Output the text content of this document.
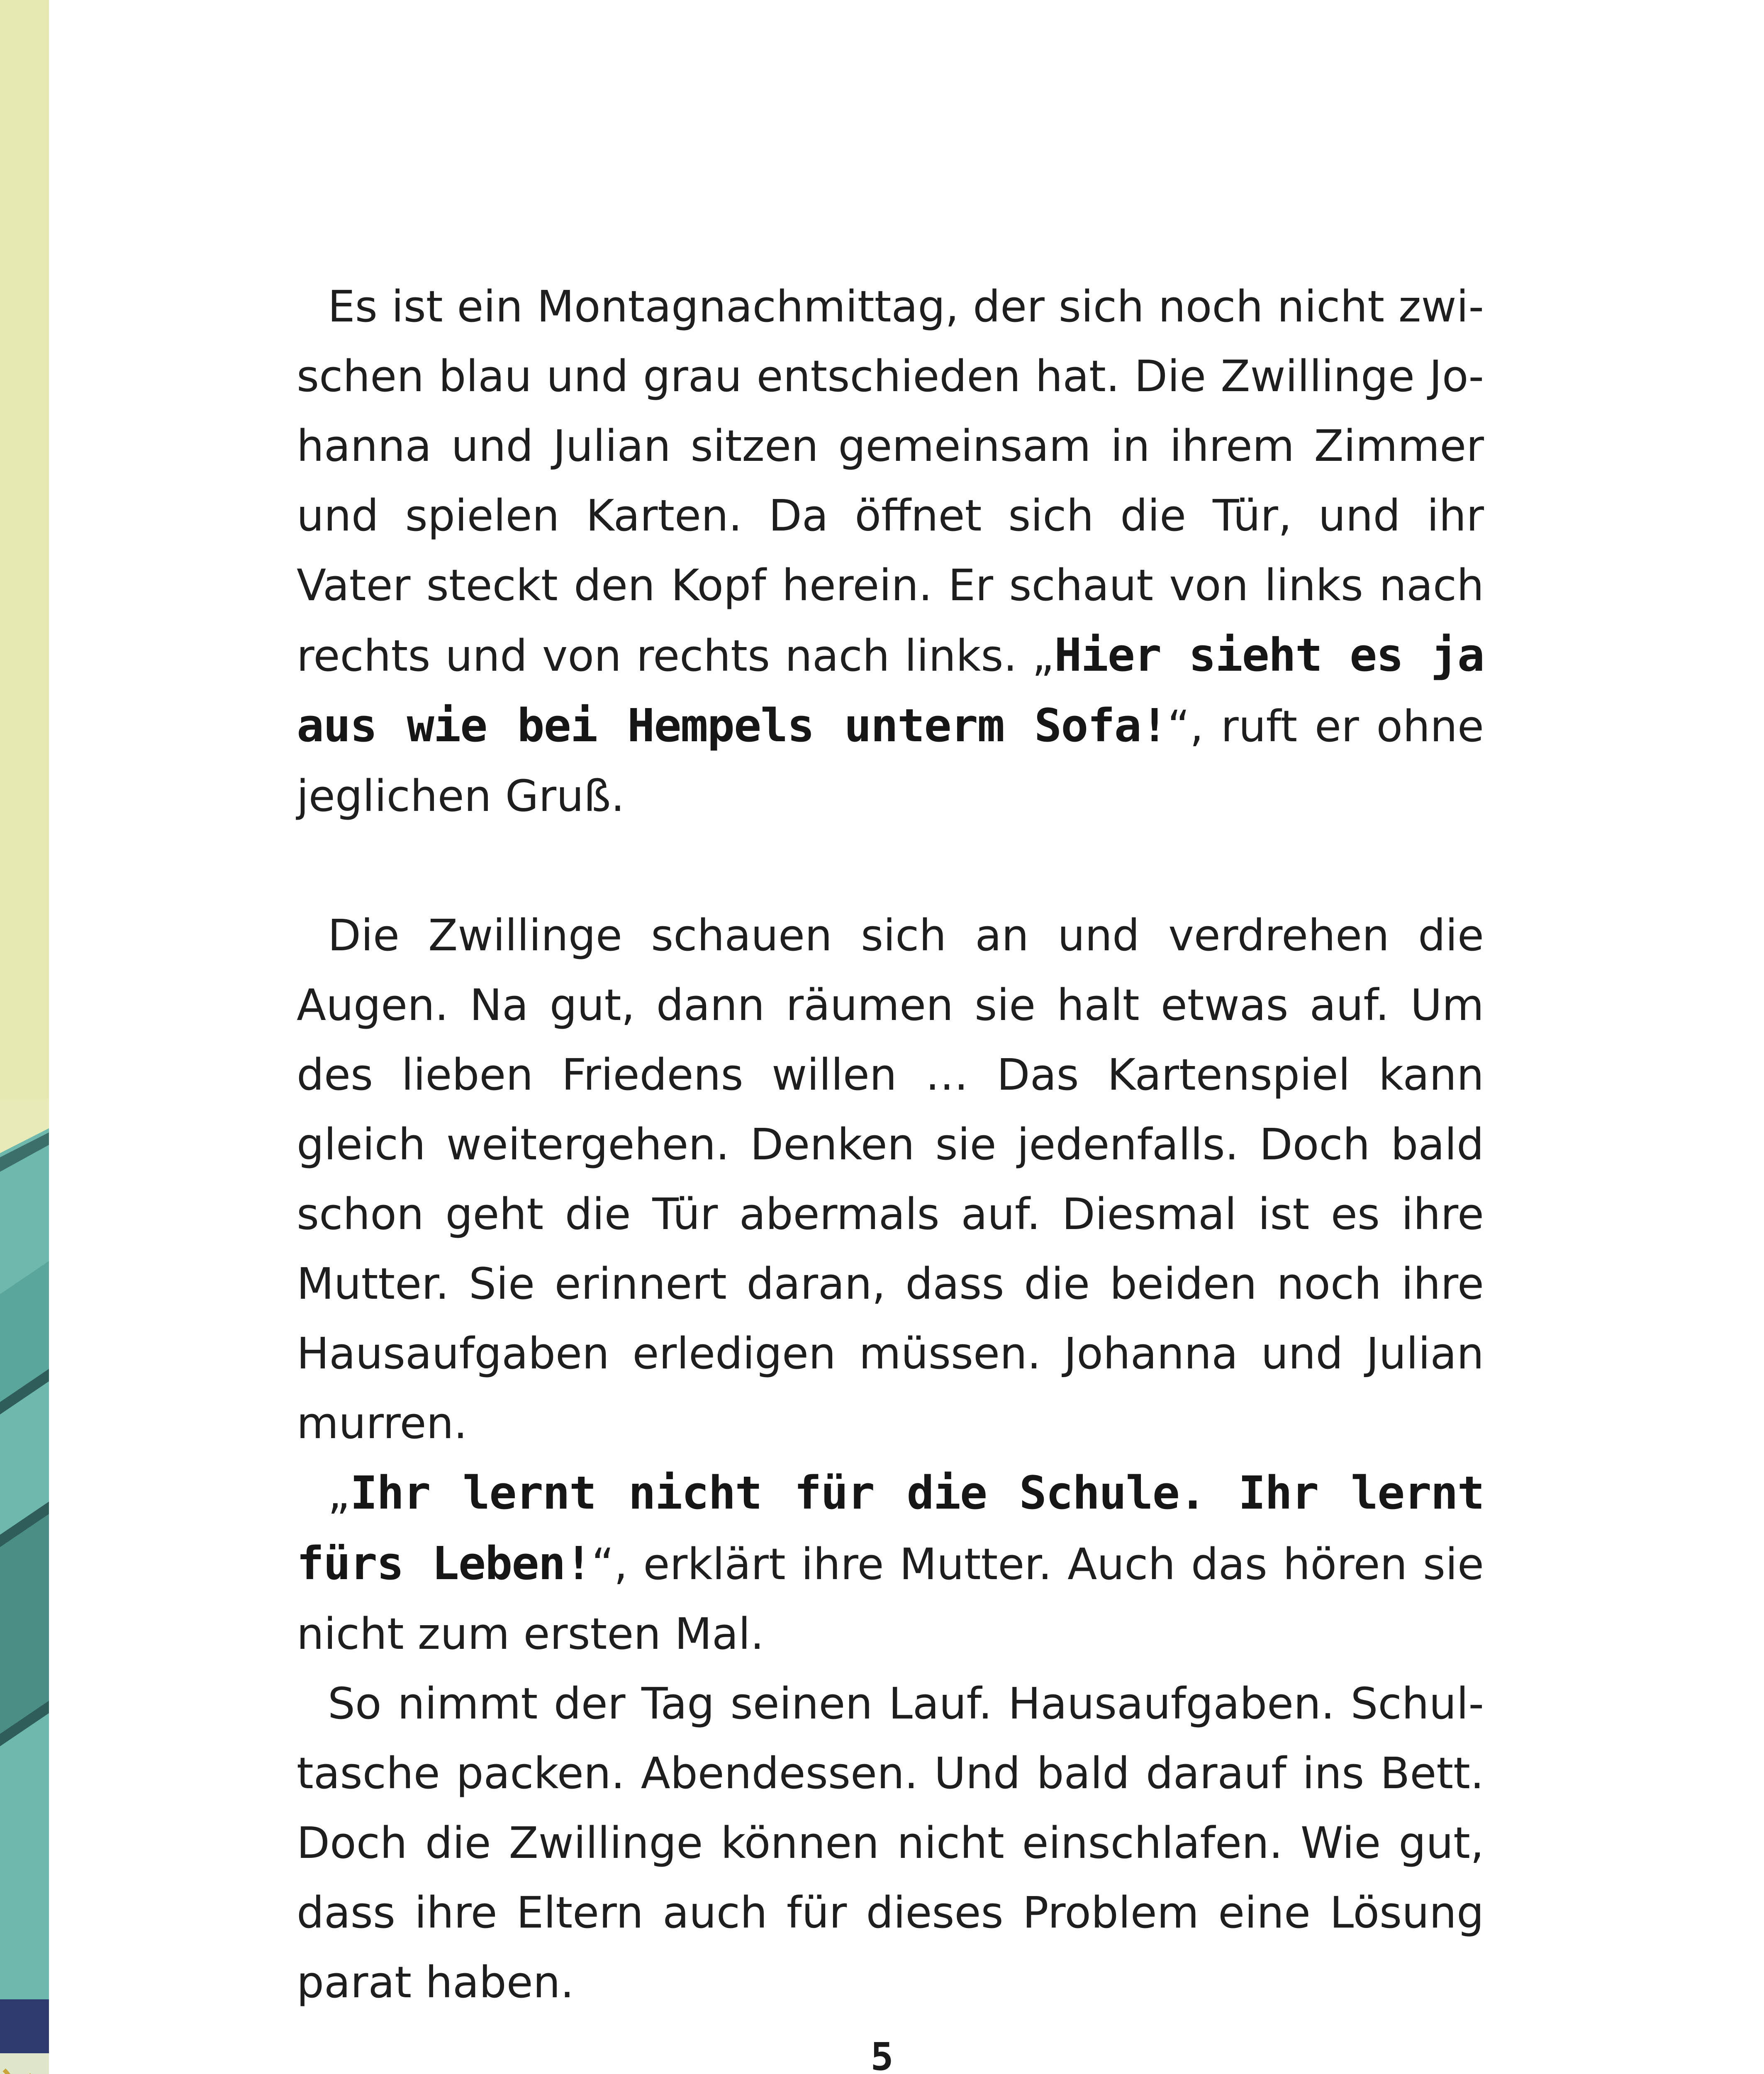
Es ist ein Montagnachmittag, der sich noch nicht zwischen blau und grau entschieden hat. Die Zwillinge Johanna und Julian sitzen gemeinsam in ihrem Zimmer und spielen Karten. Da öffnet sich die Tür, und ihr Vater steckt den Kopf herein. Er schaut von links nach rechts und von rechts nach links. „Hier sieht es ja aus wie bei Hempels unterm Sofa!“, ruft er ohne jeglichen Gruß.

Die Zwillinge schauen sich an und verdrehen die Augen. Na gut, dann räumen sie halt etwas auf. Um des lieben Friedens willen … Das Kartenspiel kann gleich weitergehen. Denken sie jedenfalls. Doch bald schon geht die Tür abermals auf. Diesmal ist es ihre Mutter. Sie erinnert daran, dass die beiden noch ihre Hausaufgaben erledigen müssen. Johanna und Julian murren.

„Ihr lernt nicht für die Schule. Ihr lernt fürs Leben!“, erklärt ihre Mutter. Auch das hören sie nicht zum ersten Mal.

So nimmt der Tag seinen Lauf. Hausaufgaben. Schultasche packen. Abendessen. Und bald darauf ins Bett. Doch die Zwillinge können nicht einschlafen. Wie gut, dass ihre Eltern auch für dieses Problem eine Lösung parat haben.

5
